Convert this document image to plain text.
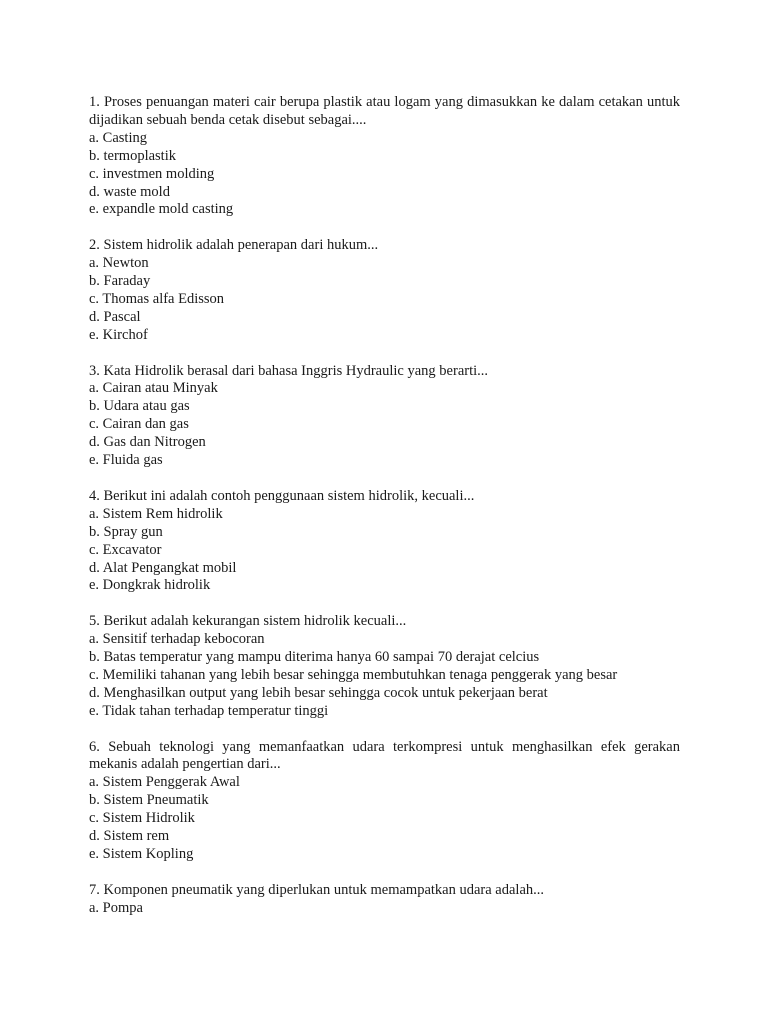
1. Proses penuangan materi cair berupa plastik atau logam yang dimasukkan ke dalam cetakan untuk dijadikan sebuah benda cetak disebut sebagai....

a. Casting
b. termoplastik
c. investmen molding
d. waste mold
e. expandle mold casting

2. Sistem hidrolik adalah penerapan dari hukum...

a. Newton
b. Faraday
c. Thomas alfa Edisson
d. Pascal
e. Kirchof

3. Kata Hidrolik berasal dari bahasa Inggris Hydraulic yang berarti...

a. Cairan atau Minyak
b. Udara atau gas
c. Cairan dan gas
d. Gas dan Nitrogen
e. Fluida gas

4. Berikut ini adalah contoh penggunaan sistem hidrolik, kecuali...

a. Sistem Rem hidrolik
b. Spray gun
c. Excavator
d. Alat Pengangkat mobil
e. Dongkrak hidrolik

5. Berikut adalah kekurangan sistem hidrolik kecuali...

a. Sensitif terhadap kebocoran
b. Batas temperatur yang mampu diterima hanya 60 sampai 70 derajat celcius
c. Memiliki tahanan yang lebih besar sehingga membutuhkan tenaga penggerak yang besar
d. Menghasilkan output yang lebih besar sehingga cocok untuk pekerjaan berat
e. Tidak tahan terhadap temperatur tinggi

6. Sebuah teknologi yang memanfaatkan udara terkompresi untuk menghasilkan efek gerakan mekanis adalah pengertian dari...

a. Sistem Penggerak Awal
b. Sistem Pneumatik
c. Sistem Hidrolik
d. Sistem rem
e. Sistem Kopling

7. Komponen pneumatik yang diperlukan untuk memampatkan udara adalah...

a. Pompa
